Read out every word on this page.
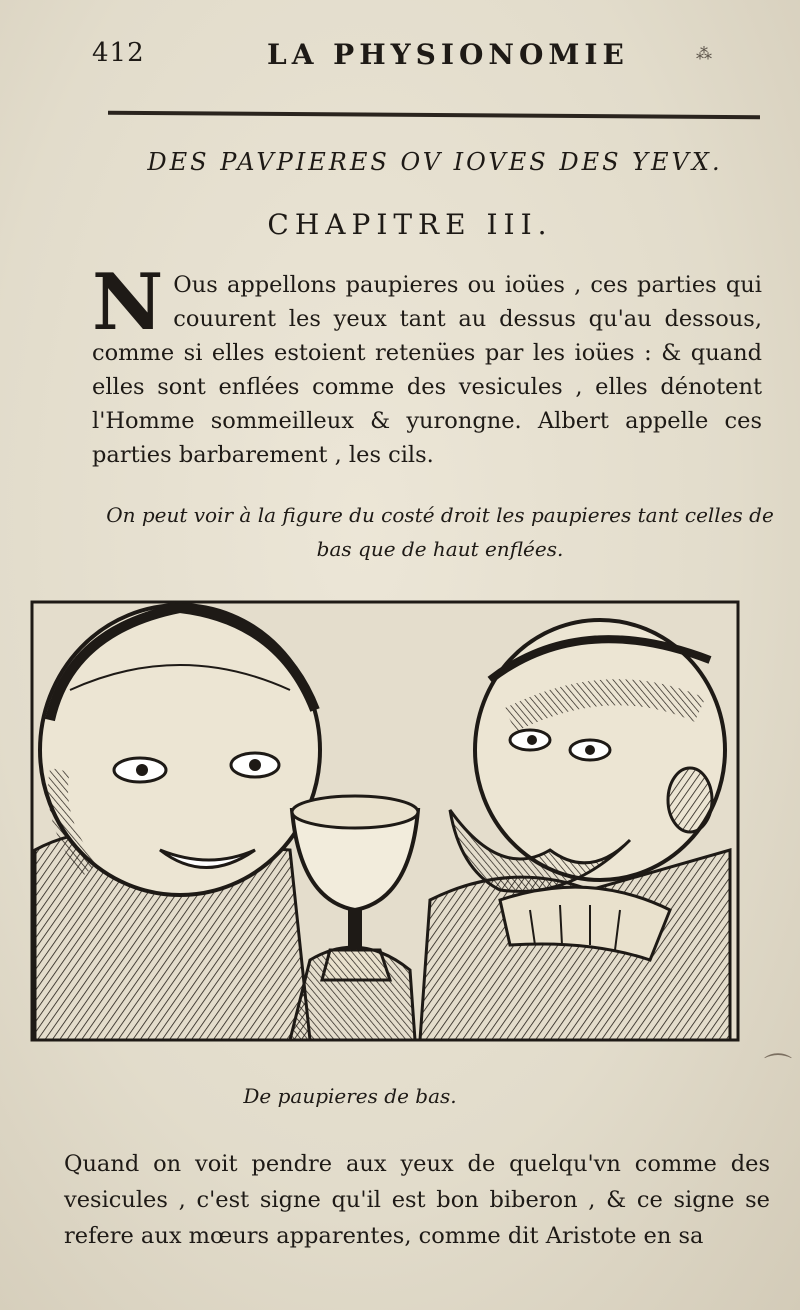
412	LA PHYSIONOMIE	⁂
DES PAVPIERES OV IOVES DES YEVX.
CHAPITRE III.
N Ous appellons paupieres ou ioües , ces parties qui couurent les yeux tant au dessus qu'au dessous, comme si elles estoient retenües par les ioües : & quand elles sont enflées comme des vesicules , elles dénotent l'Homme sommeilleux & yurongne. Albert appelle ces parties barbarement , les cils.
On peut voir à la figure du costé droit les paupieres tant celles de bas que de haut enflées.
De paupieres de bas.
⌒
Quand on voit pendre aux yeux de quelqu'vn comme des vesicules , c'est signe qu'il est bon biberon , & ce signe se refere aux mœurs apparentes, comme dit Aristote en sa
